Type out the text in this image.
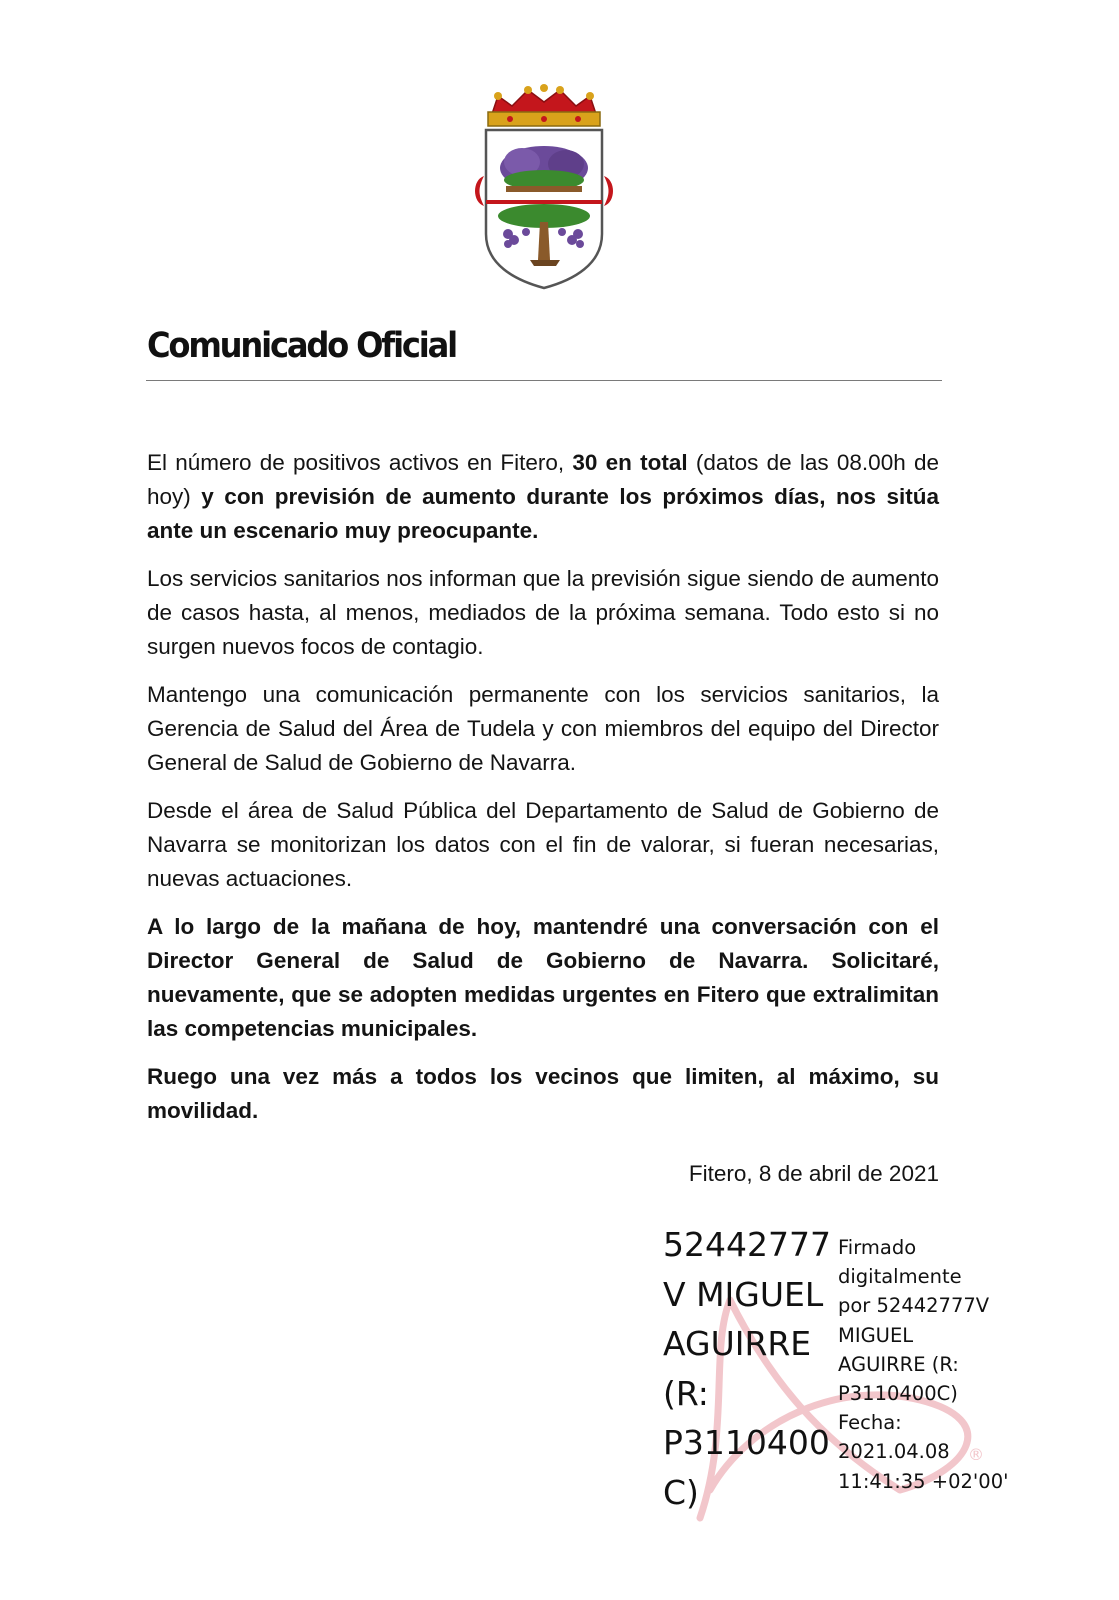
Comunicado Oficial

El número de positivos activos en Fitero, 30 en total (datos de las 08.00h de hoy) y con previsión de aumento durante los próximos días, nos sitúa ante un escenario muy preocupante.

Los servicios sanitarios nos informan que la previsión sigue siendo de aumento de casos hasta, al menos, mediados de la próxima semana. Todo esto si no surgen nuevos focos de contagio.

Mantengo una comunicación permanente con los servicios sanitarios, la Gerencia de Salud del Área de Tudela y con miembros del equipo del Director General de Salud de Gobierno de Navarra.

Desde el área de Salud Pública del Departamento de Salud de Gobierno de Navarra se monitorizan los datos con el fin de valorar, si fueran necesarias, nuevas actuaciones.

A lo largo de la mañana de hoy, mantendré una conversación con el Director General de Salud de Gobierno de Navarra. Solicitaré, nuevamente, que se adopten medidas urgentes en Fitero que extralimitan las competencias municipales.

Ruego una vez más a todos los vecinos que limiten, al máximo, su movilidad.

Fitero, 8 de abril de 2021
®
52442777
V MIGUEL
AGUIRRE
(R:
P3110400
C)
Firmado
digitalmente
por 52442777V
MIGUEL
AGUIRRE (R:
P3110400C)
Fecha:
2021.04.08
11:41:35 +02'00'
